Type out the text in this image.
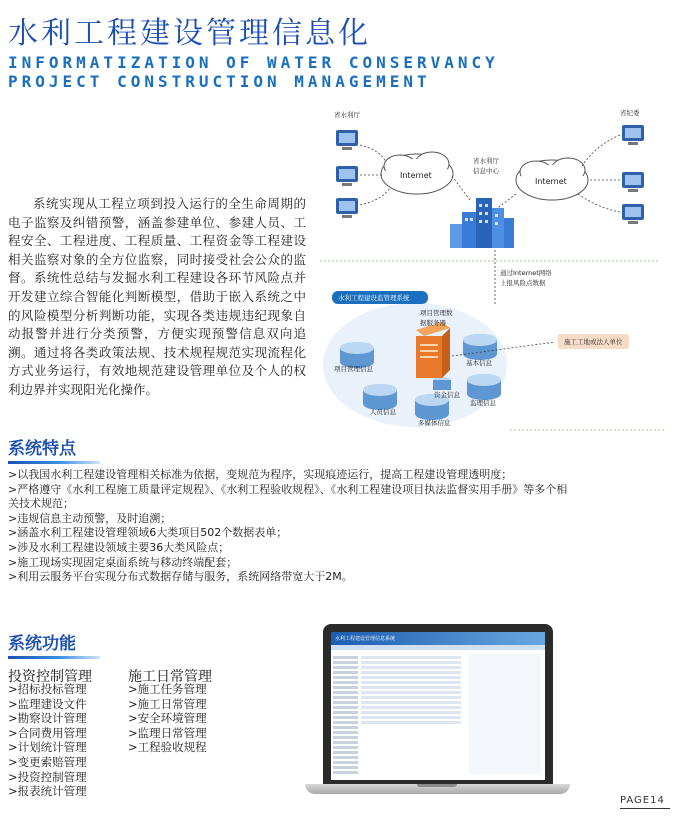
水利工程建设管理信息化
INFORMATIZATION OF WATER CONSERVANCY
PROJECT CONSTRUCTION MANAGEMENT

系统实现从工程立项到投入运行的全生命周期的电子监察及纠错预警，涵盖参建单位、参建人员、工程安全、工程进度、工程质量、工程资金等工程建设相关监察对象的全方位监察，同时接受社会公众的监督。系统性总结与发掘水利工程建设各环节风险点并开发建立综合智能化判断模型，借助于嵌入系统之中的风险模型分析判断功能，实现各类违规违纪现象自动报警并进行分类预警，方便实现预警信息双向追溯。通过将各类政策法规、技术规程规范实现流程化方式业务运行，有效地规范建设管理单位及个人的权利边界并实现阳光化操作。

省水利厅	省纪委
Internet
Internet
省水利厅
信息中心
通过Internet网络
上报风险点数据
水利工程建设监管理系统
项目管理数
据服务器
基本信息
项目管理信息
监理信息
人员信息
资金信息
多媒体信息
施工工地或法人单位
系统特点
>以我国水利工程建设管理相关标准为依据，变规范为程序，实现痕迹运行，提高工程建设管理透明度；
>严格遵守《水利工程施工质量评定规程》、《水利工程验收规程》、《水利工程建设项目执法监督实用手册》等多个相关技术规范；
>违规信息主动预警，及时追溯；
>涵盖水利工程建设管理领域6大类项目502个数据表单；
>涉及水利工程建设领域主要36大类风险点；
>施工现场实现固定桌面系统与移动终端配套；
>利用云服务平台实现分布式数据存储与服务，系统网络带宽大于2M。
系统功能
投资控制管理
>招标投标管理
>监理建设文件
>勘察设计管理
>合同费用管理
>计划统计管理
>变更索赔管理
>投资控制管理
>报表统计管理
施工日常管理
>施工任务管理
>施工日常管理
>安全环境管理
>监理日常管理
>工程验收规程
水利工程建设管理信息系统
PAGE14
